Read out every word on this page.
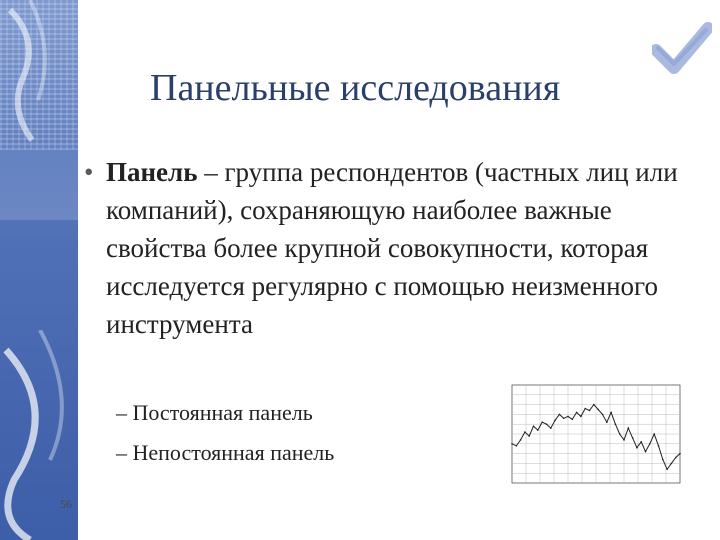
Панельные исследования
• Панель – группа респондентов (частных лиц или компаний), сохраняющую наиболее важные свойства более крупной совокупности, которая исследуется регулярно с помощью неизменного инструмента
– Постоянная панель
– Непостоянная панель
56
